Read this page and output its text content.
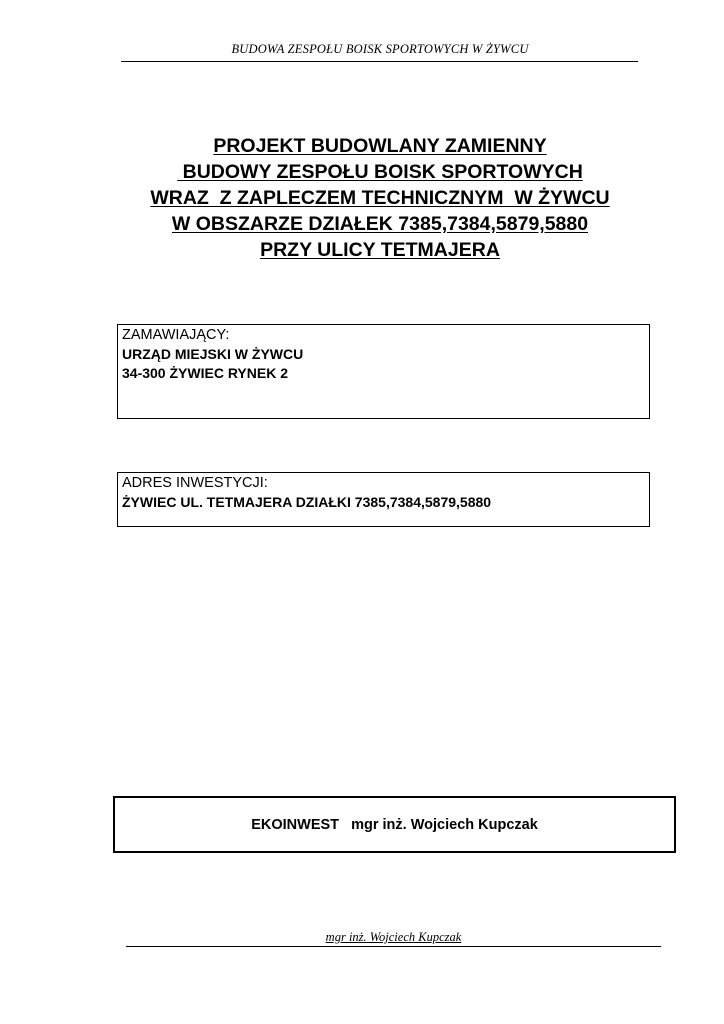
BUDOWA ZESPOŁU BOISK SPORTOWYCH W ŻYWCU
PROJEKT BUDOWLANY ZAMIENNY
BUDOWY ZESPOŁU BOISK SPORTOWYCH
WRAZ  Z ZAPLECZEM TECHNICZNYM  W ŻYWCU
W OBSZARZE DZIAŁEK 7385,7384,5879,5880
PRZY ULICY TETMAJERA
ZAMAWIAJĄCY:
URZĄD MIEJSKI W ŻYWCU
34-300 ŻYWIEC RYNEK 2
ADRES INWESTYCJI:
ŻYWIEC UL. TETMAJERA DZIAŁKI 7385,7384,5879,5880
EKOINWEST   mgr inż. Wojciech Kupczak
mgr inż. Wojciech Kupczak
